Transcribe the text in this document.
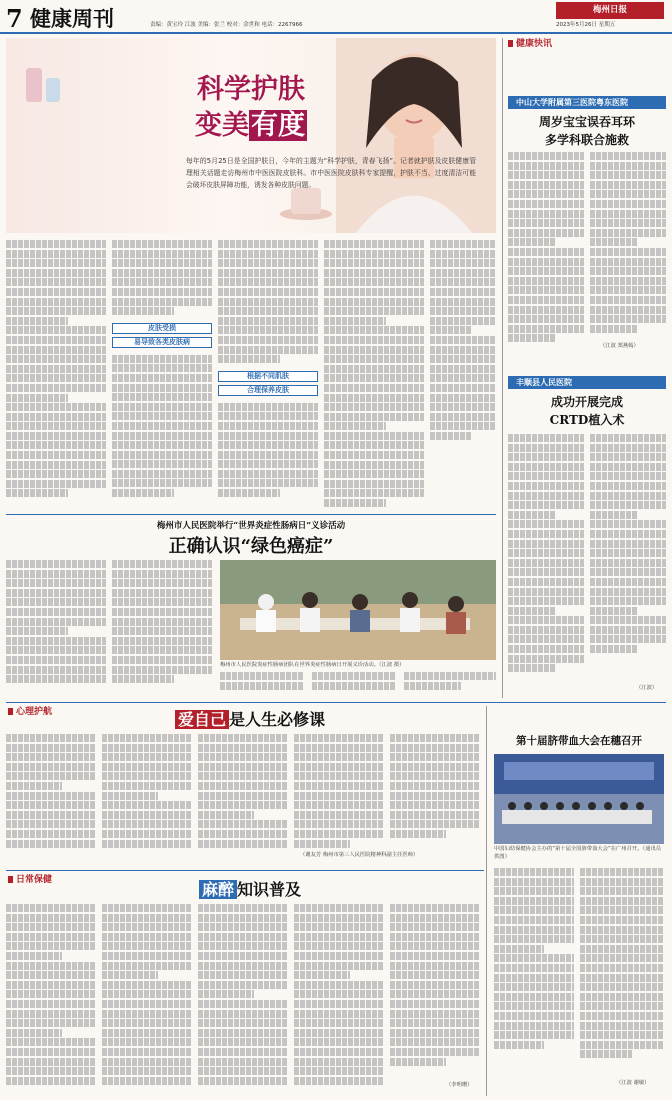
7 健康周刊	责编：黄宝玲 江波 美编：张兰 校对：余世和 电话：2267966
梅州日报
2023年5月26日 星期五
科学护肤
变美有度
每年的5月25日是全国护肤日，今年的主题为“科学护肤，青春飞扬”。记者就护肤及皮肤健康管理相关话题走访梅州市中医医院皮肤科。市中医医院皮肤科专家提醒，护肤不当、过度清洁可能会破坏皮肤屏障功能，诱发各种皮肤问题。
皮肤受损
易导致各类皮肤病
根据不同肌肤
合理保养皮肤
健康快讯
中山大学附属第三医院粤东医院
周岁宝宝误吞耳环
多学科联合施救
（江波 郑燕嫣）
丰顺县人民医院
成功开展完成
CRTD植入术
（江波）
梅州市人民医院举行“世界炎症性肠病日”义诊活动
正确认识“绿色癌症”
梅州市人民医院炎症性肠病团队在世界炎症性肠病日开展义诊活动。（江波 摄）
心理护航	爱自己 是人生必修课
（谢友芳 梅州市第三人民医院精神科副主任医师）
第十届脐带血大会在穗召开
中国妇幼保健协会主办的“第十届全国脐带血大会”在广州召开。（通讯员供图）
（江波 谢敏）
日常保健	麻醉 知识普及
（李明珊）
